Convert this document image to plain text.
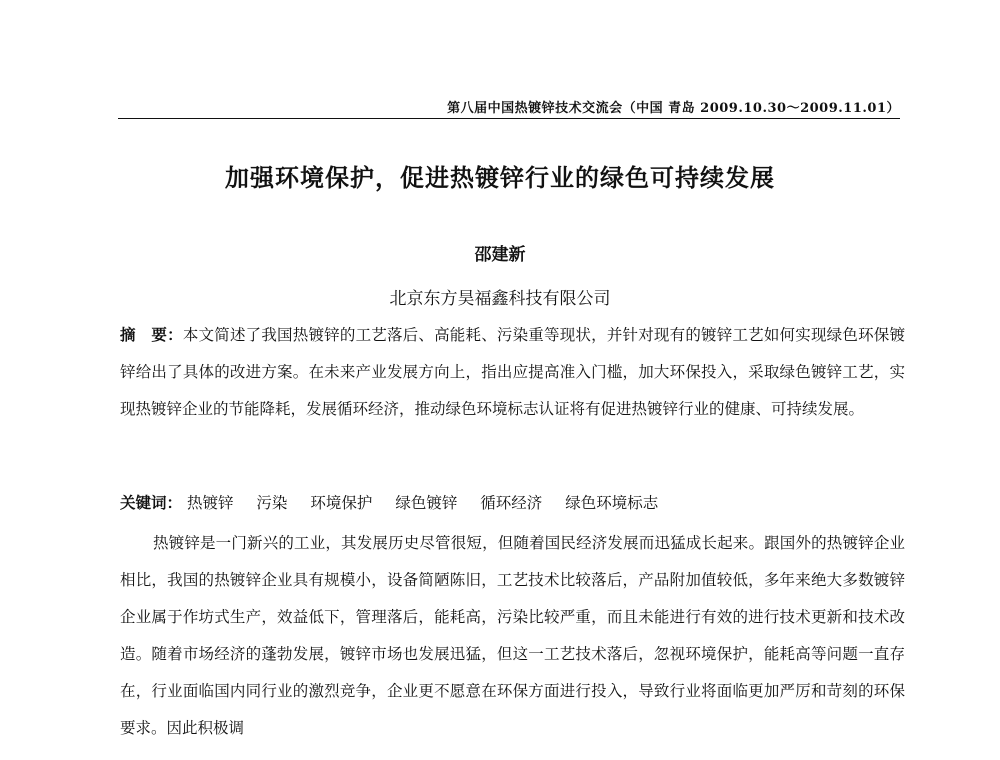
第八届中国热镀锌技术交流会（中国 青岛 2009.10.30～2009.11.01）
加强环境保护，促进热镀锌行业的绿色可持续发展
邵建新
北京东方昊福鑫科技有限公司
摘　要：本文简述了我国热镀锌的工艺落后、高能耗、污染重等现状，并针对现有的镀锌工艺如何实现绿色环保镀锌给出了具体的改进方案。在未来产业发展方向上，指出应提高准入门槛，加大环保投入，采取绿色镀锌工艺，实现热镀锌企业的节能降耗，发展循环经济，推动绿色环境标志认证将有促进热镀锌行业的健康、可持续发展。
关键词： 热镀锌 污染 环境保护 绿色镀锌 循环经济 绿色环境标志
热镀锌是一门新兴的工业，其发展历史尽管很短，但随着国民经济发展而迅猛成长起来。跟国外的热镀锌企业相比，我国的热镀锌企业具有规模小，设备简陋陈旧，工艺技术比较落后，产品附加值较低，多年来绝大多数镀锌企业属于作坊式生产，效益低下，管理落后，能耗高，污染比较严重，而且未能进行有效的进行技术更新和技术改造。随着市场经济的蓬勃发展，镀锌市场也发展迅猛，但这一工艺技术落后，忽视环境保护，能耗高等问题一直存在，行业面临国内同行业的激烈竞争，企业更不愿意在环保方面进行投入，导致行业将面临更加严厉和苛刻的环保要求。因此积极调
